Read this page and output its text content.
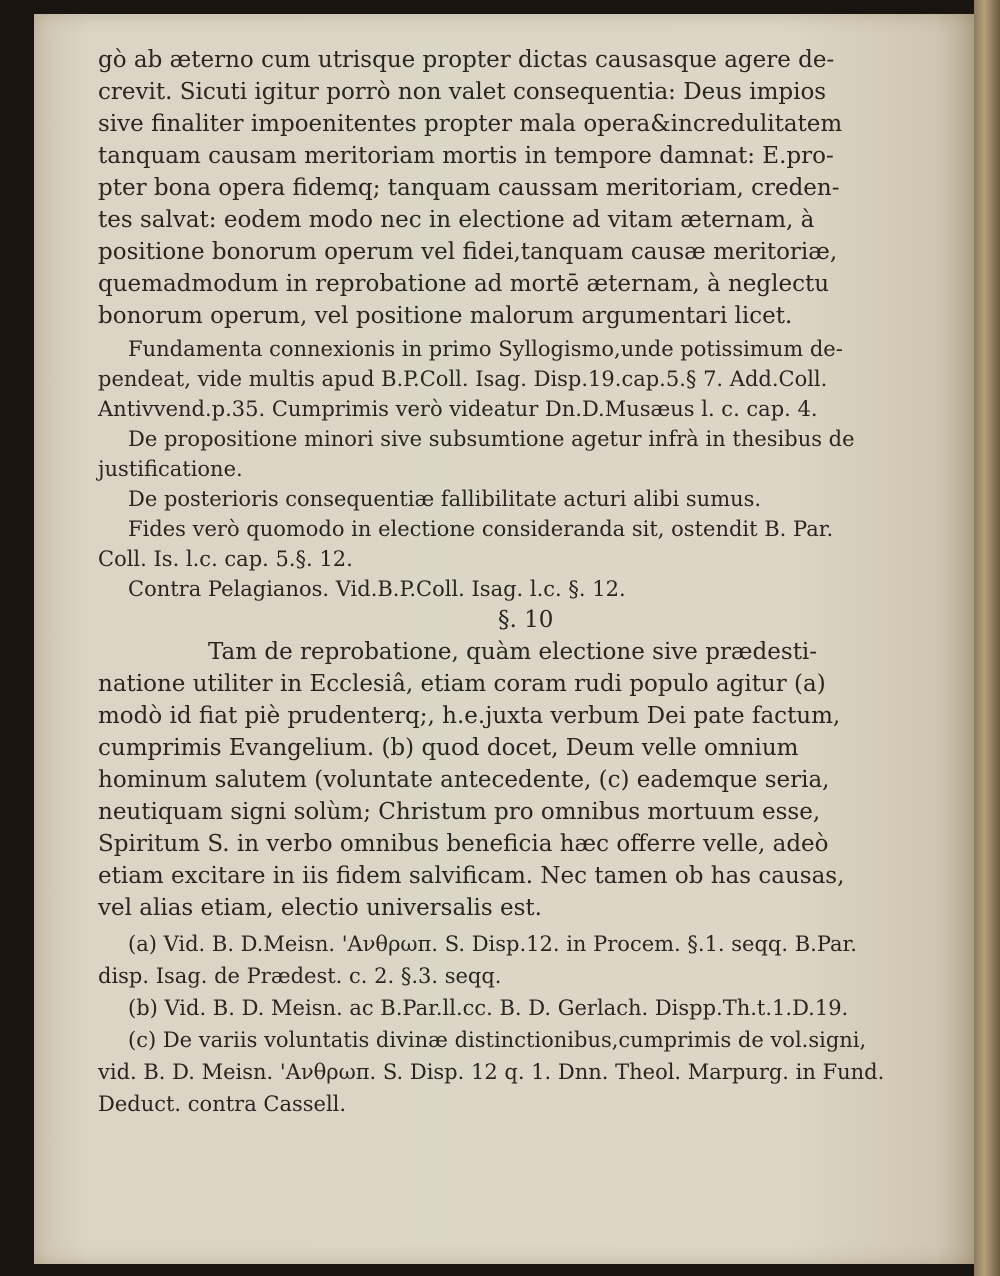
gò ab æterno cum utrisque propter dictas causasque agere de-
crevit. Sicuti igitur porrò non valet consequentia: Deus impios
sive finaliter impoenitentes propter mala opera&incredulitatem
tanquam causam meritoriam mortis in tempore damnat: E.pro-
pter bona opera fidemq; tanquam caussam meritoriam, creden-
tes salvat: eodem modo nec in electione ad vitam æternam, à
positione bonorum operum vel fidei,tanquam causæ meritoriæ,
quemadmodum in reprobatione ad mortē æternam, à neglectu
bonorum operum, vel positione malorum argumentari licet.
Fundamenta connexionis in primo Syllogismo,unde potissimum de-
pendeat, vide multis apud B.P.Coll. Isag. Disp.19.cap.5.§ 7. Add.Coll.
Antivvend.p.35. Cumprimis verò videatur Dn.D.Musæus l. c. cap. 4.
De propositione minori sive subsumtione agetur infrà in thesibus de
justificatione.
De posterioris consequentiæ fallibilitate acturi alibi sumus.
Fides verò quomodo in electione consideranda sit, ostendit B. Par.
Coll. Is. l.c. cap. 5.§. 12.
Contra Pelagianos. Vid.B.P.Coll. Isag. l.c. §. 12.
§. 10
Tam de reprobatione, quàm electione sive prædesti-
natione utiliter in Ecclesiâ, etiam coram rudi populo agitur (a)
modò id fiat piè prudenterq;, h.e.juxta verbum Dei pate factum,
cumprimis Evangelium. (b) quod docet, Deum velle omnium
hominum salutem (voluntate antecedente, (c) eademque seria,
neutiquam signi solùm; Christum pro omnibus mortuum esse,
Spiritum S. in verbo omnibus beneficia hæc offerre velle, adeò
etiam excitare in iis fidem salvificam. Nec tamen ob has causas,
vel alias etiam, electio universalis est.
(a) Vid. B. D.Meisn. 'Ανθρωπ. S. Disp.12. in Procem. §.1. seqq. B.Par.
disp. Isag. de Prædest. c. 2. §.3. seqq.
(b) Vid. B. D. Meisn. ac B.Par.ll.cc. B. D. Gerlach. Dispp.Th.t.1.D.19.
(c) De variis voluntatis divinæ distinctionibus,cumprimis de vol.signi,
vid. B. D. Meisn. 'Ανθρωπ. S. Disp. 12 q. 1. Dnn. Theol. Marpurg. in Fund.
Deduct. contra Cassell.
